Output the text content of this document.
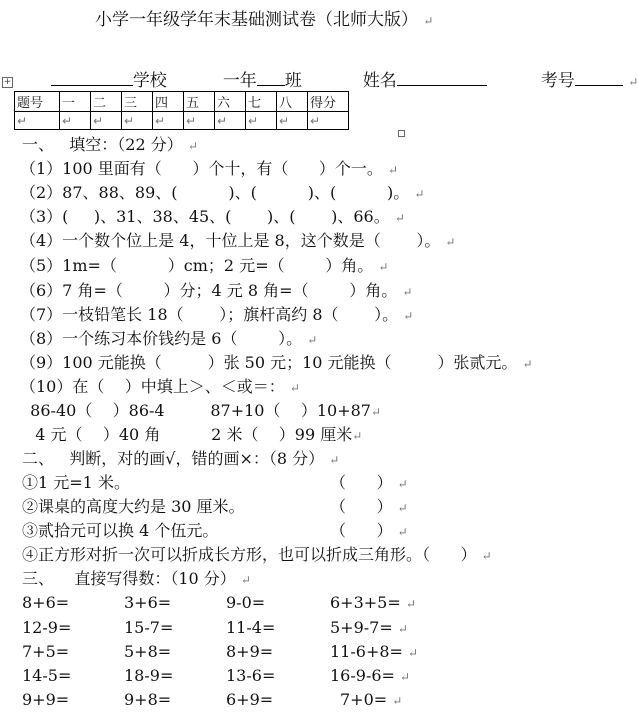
小学一年级学年末基础测试卷（北师大版） ↵

学校	一年 班	姓名	考号	↵

+
题号	一	二	三	四	五	六	七	八	得分
↵	↵	↵	↵	↵	↵	↵	↵	↵	↵
一、   填空：（22 分） ↵
（1）100 里面有（      ）个十，有（      ）个一。 ↵
（2）87、88、89、(          )、(          )、(          )。 ↵
（3）(     )、31、38、45、(       )、(       )、66。 ↵
（4）一个数个位上是 4，十位上是 8，这个数是（       ）。 ↵
（5）1m=（          ）cm；2 元=（        ）角。 ↵
（6）7 角=（        ）分；4 元 8 角=（        ）角。 ↵
（7）一枝铅笔长 18（       ）；旗杆高约 8（       ）。 ↵
（8）一个练习本价钱约是 6（        ）。 ↵
（9）100 元能换（         ）张 50 元；10 元能换（         ）张贰元。 ↵
（10）在（    ）中填上＞、＜或＝： ↵
86-40（    ）86-4         87+10（    ）10+87↵
4 元（    ）40 角          2 米（    ）99 厘米↵
二、   判断，对的画√，错的画×：（8 分） ↵
①1 元=1 米。	（      ） ↵
②课桌的高度大约是 30 厘米。	（      ） ↵
③贰拾元可以换 4 个伍元。	（      ） ↵
④正方形对折一次可以折成长方形，也可以折成三角形。（      ） ↵
三、    直接写得数：（10 分） ↵
8+6=	3+6=	9-0=	6+3+5= ↵
12-9=	15-7=	11-4=	5+9-7= ↵
7+5=	5+8=	8+9=	11-6+8= ↵
14-5=	18-9=	13-6=	16-9-6= ↵
9+9=	9+8=	6+9=	7+0= ↵
